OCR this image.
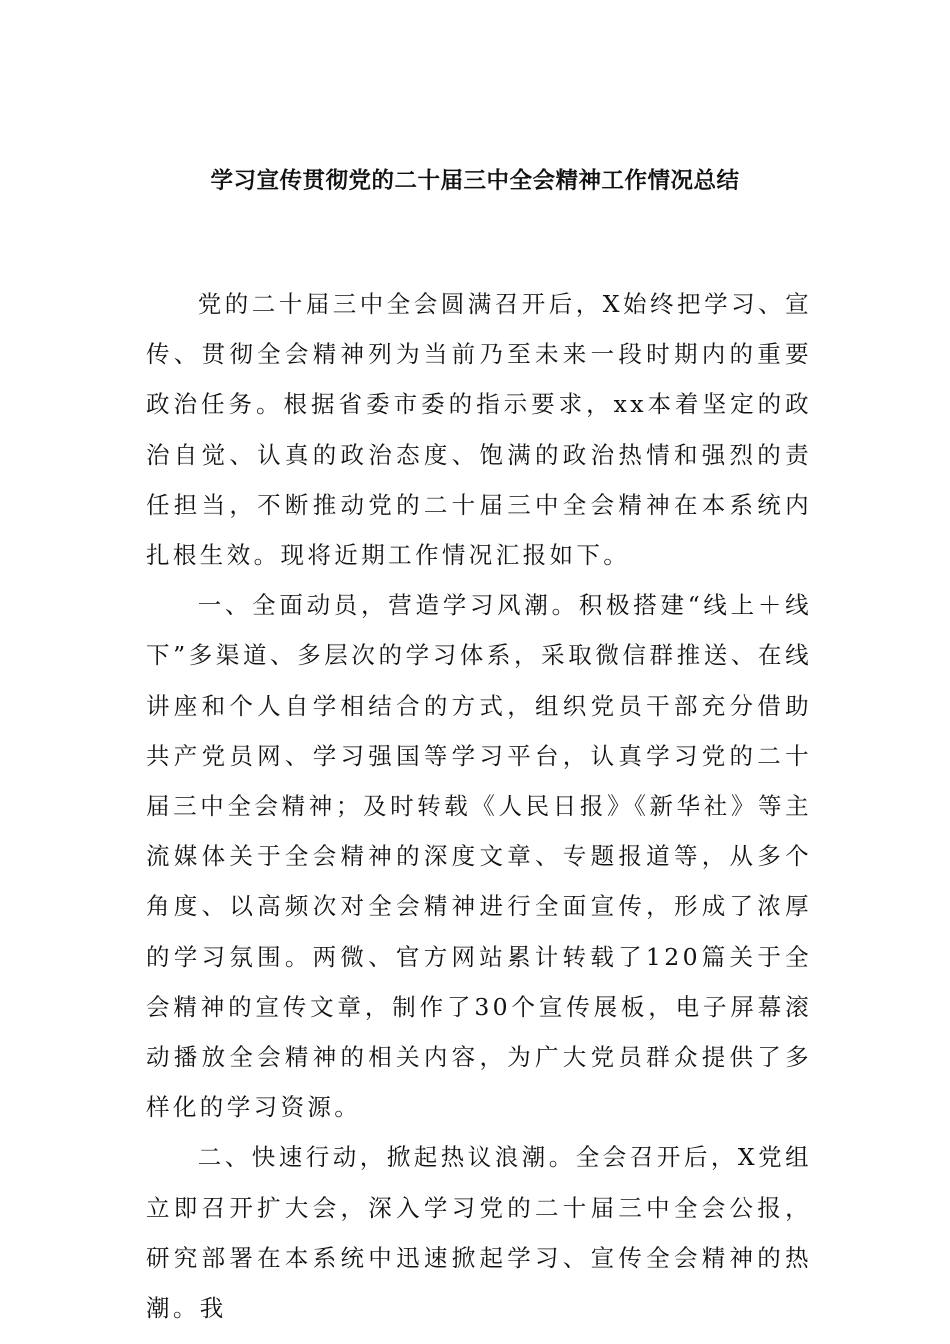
学习宣传贯彻党的二十届三中全会精神工作情况总结

党的二十届三中全会圆满召开后，X始终把学习、宣传、贯彻全会精神列为当前乃至未来一段时期内的重要政治任务。根据省委市委的指示要求，xx本着坚定的政治自觉、认真的政治态度、饱满的政治热情和强烈的责任担当，不断推动党的二十届三中全会精神在本系统内扎根生效。现将近期工作情况汇报如下。

一、全面动员，营造学习风潮。积极搭建“线上＋线下”多渠道、多层次的学习体系，采取微信群推送、在线讲座和个人自学相结合的方式，组织党员干部充分借助共产党员网、学习强国等学习平台，认真学习党的二十届三中全会精神；及时转载《人民日报》《新华社》等主流媒体关于全会精神的深度文章、专题报道等，从多个角度、以高频次对全会精神进行全面宣传，形成了浓厚的学习氛围。两微、官方网站累计转载了120篇关于全会精神的宣传文章，制作了30个宣传展板，电子屏幕滚动播放全会精神的相关内容，为广大党员群众提供了多样化的学习资源。

二、快速行动，掀起热议浪潮。全会召开后，X党组立即召开扩大会，深入学习党的二十届三中全会公报，研究部署在本系统中迅速掀起学习、宣传全会精神的热潮。我
